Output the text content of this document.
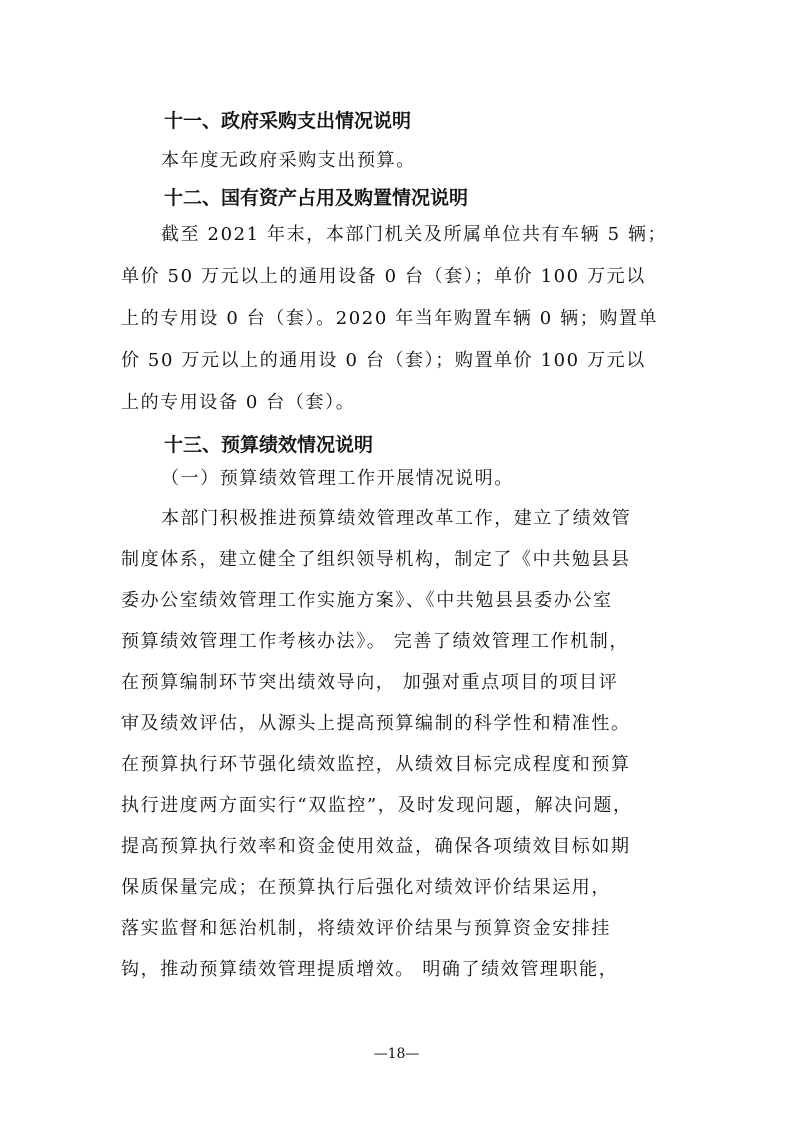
十一、政府采购支出情况说明
本年度无政府采购支出预算。
十二、国有资产占用及购置情况说明
截至 2021 年末，本部门机关及所属单位共有车辆 5 辆；
单价 50 万元以上的通用设备 0 台（套）；单价 100 万元以
上的专用设 0 台（套）。2020 年当年购置车辆 0 辆；购置单
价 50 万元以上的通用设 0 台（套）；购置单价 100 万元以
上的专用设备 0 台（套）。
十三、预算绩效情况说明
（一）预算绩效管理工作开展情况说明。
本部门积极推进预算绩效管理改革工作，建立了绩效管
制度体系，建立健全了组织领导机构，制定了《中共勉县县
委办公室绩效管理工作实施方案》、《中共勉县县委办公室
预算绩效管理工作考核办法》。 完善了绩效管理工作机制，
在预算编制环节突出绩效导向， 加强对重点项目的项目评
审及绩效评估，从源头上提高预算编制的科学性和精准性。
在预算执行环节强化绩效监控，从绩效目标完成程度和预算
执行进度两方面实行“双监控”，及时发现问题，解决问题，
提高预算执行效率和资金使用效益，确保各项绩效目标如期
保质保量完成；在预算执行后强化对绩效评价结果运用，
落实监督和惩治机制，将绩效评价结果与预算资金安排挂
钩，推动预算绩效管理提质增效。 明确了绩效管理职能，
—18—
